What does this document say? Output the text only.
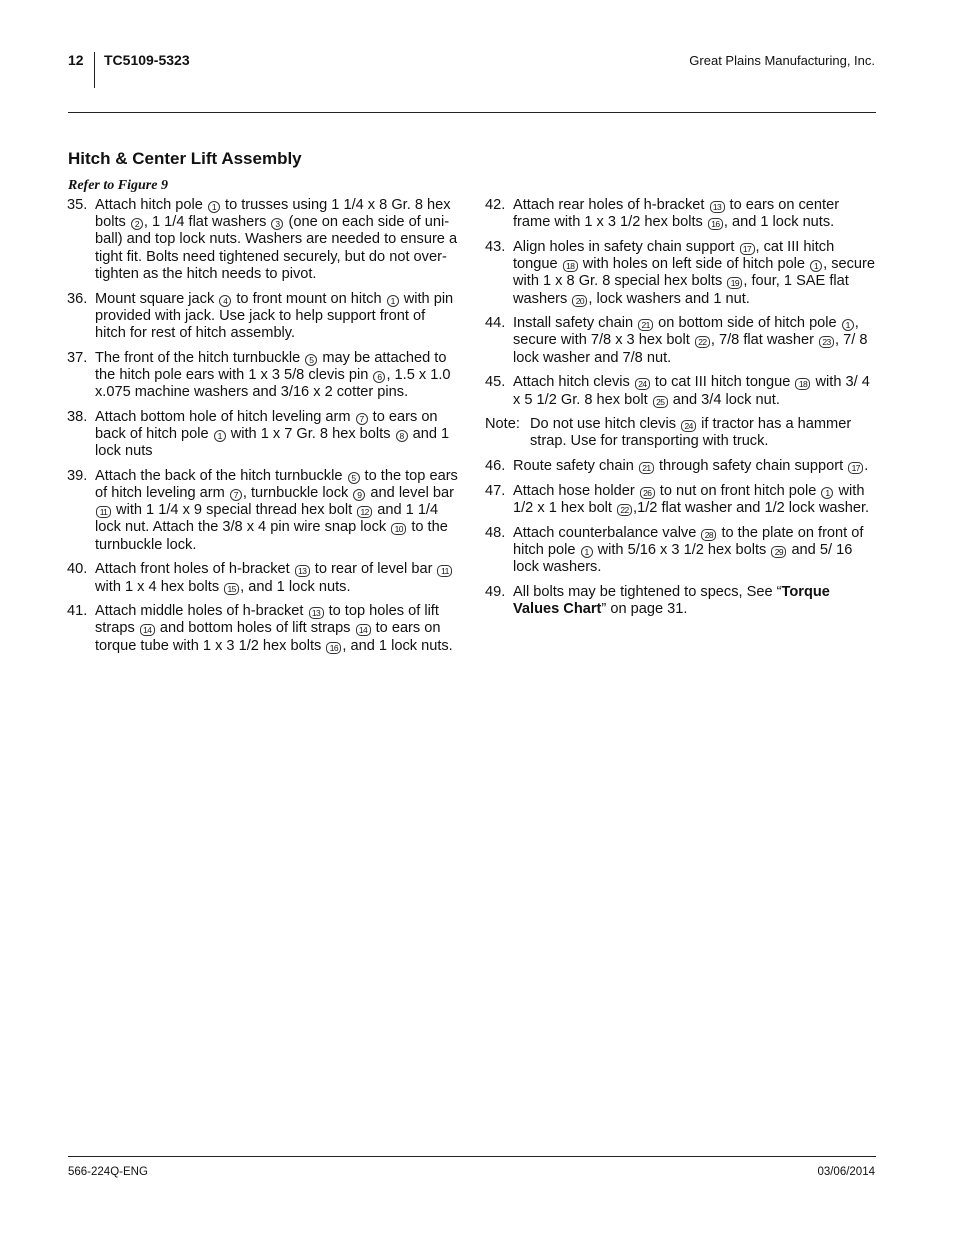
12 TC5109-5323	Great Plains Manufacturing, Inc.
Hitch & Center Lift Assembly
Refer to Figure 9
35. Attach hitch pole 1 to trusses using 1 1/4 x 8 Gr. 8 hex bolts 2 , 1 1/4 flat washers 3 (one on each side of uni-ball) and top lock nuts. Washers are needed to ensure a tight fit. Bolts need tightened securely, but do not over-tighten as the hitch needs to pivot.
36. Mount square jack 4 to front mount on hitch 1 with pin provided with jack. Use jack to help support front of hitch for rest of hitch assembly.
37. The front of the hitch turnbuckle 5 may be attached to the hitch pole ears with 1 x 3 5/8 clevis pin 6 , 1.5 x 1.0 x.075 machine washers and 3/16 x 2 cotter pins.
38. Attach bottom hole of hitch leveling arm 7 to ears on back of hitch pole 1 with 1 x 7 Gr. 8 hex bolts 8 and 1 lock nuts
39. Attach the back of the hitch turnbuckle 5 to the top ears of hitch leveling arm 7 , turnbuckle lock 9 and level bar 11 with 1 1/4 x 9 special thread hex bolt 12 and 1 1/4 lock nut. Attach the 3/8 x 4 pin wire snap lock 10 to the turnbuckle lock.
40. Attach front holes of h-bracket 13 to rear of level bar 11 with 1 x 4 hex bolts 15 , and 1 lock nuts.
41. Attach middle holes of h-bracket 13 to top holes of lift straps 14 and bottom holes of lift straps 14 to ears on torque tube with 1 x 3 1/2 hex bolts 16 , and 1 lock nuts.
42. Attach rear holes of h-bracket 13 to ears on center frame with 1 x 3 1/2 hex bolts 16 , and 1 lock nuts.
43. Align holes in safety chain support 17 , cat III hitch tongue 18 with holes on left side of hitch pole 1 , secure with 1 x 8 Gr. 8 special hex bolts 19 , four, 1 SAE flat washers 20 , lock washers and 1 nut.
44. Install safety chain 21 on bottom side of hitch pole 1 , secure with 7/8 x 3 hex bolt 22 , 7/8 flat washer 23 , 7/ 8 lock washer and 7/8 nut.
45. Attach hitch clevis 24 to cat III hitch tongue 18 with 3/ 4 x 5 1/2 Gr. 8 hex bolt 25 and 3/4 lock nut.
Note: Do not use hitch clevis 24 if tractor has a hammer strap. Use for transporting with truck.
46. Route safety chain 21 through safety chain support 17 .
47. Attach hose holder 26 to nut on front hitch pole 1 with 1/2 x 1 hex bolt 22 ,1/2 flat washer and 1/2 lock washer.
48. Attach counterbalance valve 28 to the plate on front of hitch pole 1 with 5/16 x 3 1/2 hex bolts 29 and 5/ 16 lock washers.
49. All bolts may be tightened to specs, See “Torque Values Chart” on page 31.
566-224Q-ENG	03/06/2014
